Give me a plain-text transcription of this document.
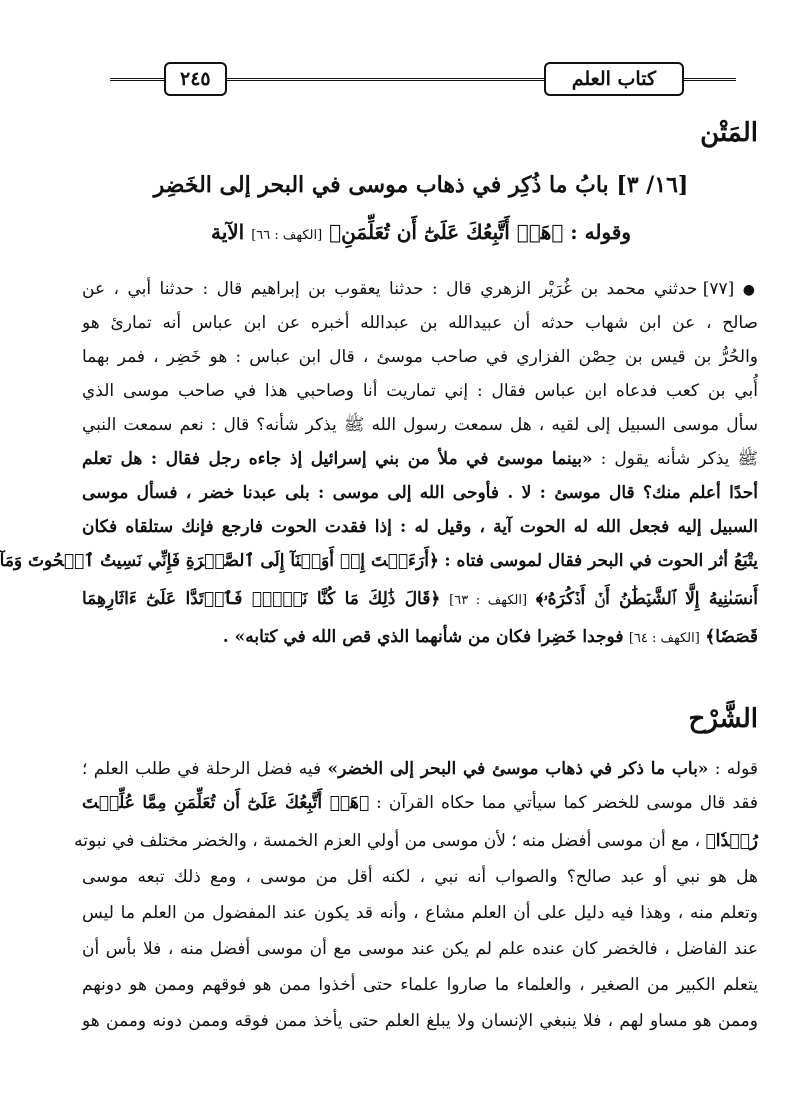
كتاب العلم
٢٤٥
المَتْن
[١٦/ ٣] بابُ ما ذُكِر في ذهاب موسى في البحر إلى الخَضِر
وقوله : ﴿هَلۡ أَتَّبِعُكَ عَلَىٰٓ أَن تُعَلِّمَنِ﴾ [الكهف : ٦٦] الآية
● [٧٧] حدثني محمد بن غُرَيْر الزهري قال : حدثنا يعقوب بن إبراهيم قال : حدثنا أبي ، عن
صالح ، عن ابن شهاب حدثه أن عبيدالله بن عبدالله أخبره عن ابن عباس أنه تمارئ هو
والحُرُّ بن قيس بن حِصْن الفزاري في صاحب موسئ ، قال ابن عباس : هو خَضِر ، فمر بهما
أُبي بن كعب فدعاه ابن عباس فقال : إني تماريت أنا وصاحبي هذا في صاحب موسى الذي
سأل موسى السبيل إلى لقيه ، هل سمعت رسول الله ﷺ يذكر شأنه؟ قال : نعم سمعت النبي
ﷺ يذكر شأنه يقول : «بينما موسئ في ملأ من بني إسرائيل إذ جاءه رجل فقال : هل تعلم
أحدًا أعلم منك؟ قال موسئ : لا . فأوحى الله إلى موسى : بلى عبدنا خضر ، فسأل موسى
السبيل إليه فجعل الله له الحوت آية ، وقيل له : إذا فقدت الحوت فارجع فإنك ستلقاه فكان
يتْبَعُ أثر الحوت في البحر فقال لموسى فتاه : ﴿أَرَءَيۡتَ إِذۡ أَوَيۡنَآ إِلَى ٱلصَّخۡرَةِ فَإِنِّي نَسِيتُ ٱلۡحُوتَ وَمَآ
أَنسَىٰنِيهُ إِلَّا ٱلشَّيۡطَٰنُ أَنۡ أَذۡكُرَهُۥ﴾ [الكهف : ٦٣] ﴿قَالَ ذَٰلِكَ مَا كُنَّا نَبۡغِۚ فَٱرۡتَدَّا عَلَىٰٓ ءَاثَارِهِمَا
قَصَصٗا﴾ [الكهف : ٦٤] فوجدا خَضِرا فكان من شأنهما الذي قص الله في كتابه» .
الشَّرْح
قوله : «باب ما ذكر في ذهاب موسئ في البحر إلى الخضر» فيه فضل الرحلة في طلب العلم ؛
فقد قال موسى للخضر كما سيأتي مما حكاه القرآن : ﴿هَلۡ أَتَّبِعُكَ عَلَىٰٓ أَن تُعَلِّمَنِ مِمَّا عُلِّمۡتَ
رُشۡدٗا﴾ ، مع أن موسى أفضل منه ؛ لأن موسى من أولي العزم الخمسة ، والخضر مختلف في نبوته
هل هو نبي أو عبد صالح؟ والصواب أنه نبي ، لكنه أقل من موسى ، ومع ذلك تبعه موسى
وتعلم منه ، وهذا فيه دليل على أن العلم مشاع ، وأنه قد يكون عند المفضول من العلم ما ليس
عند الفاضل ، فالخضر كان عنده علم لم يكن عند موسى مع أن موسى أفضل منه ، فلا بأس أن
يتعلم الكبير من الصغير ، والعلماء ما صاروا علماء حتى أخذوا ممن هو فوقهم وممن هو دونهم
وممن هو مساو لهم ، فلا ينبغي الإنسان ولا يبلغ العلم حتى يأخذ ممن فوقه وممن دونه وممن هو
